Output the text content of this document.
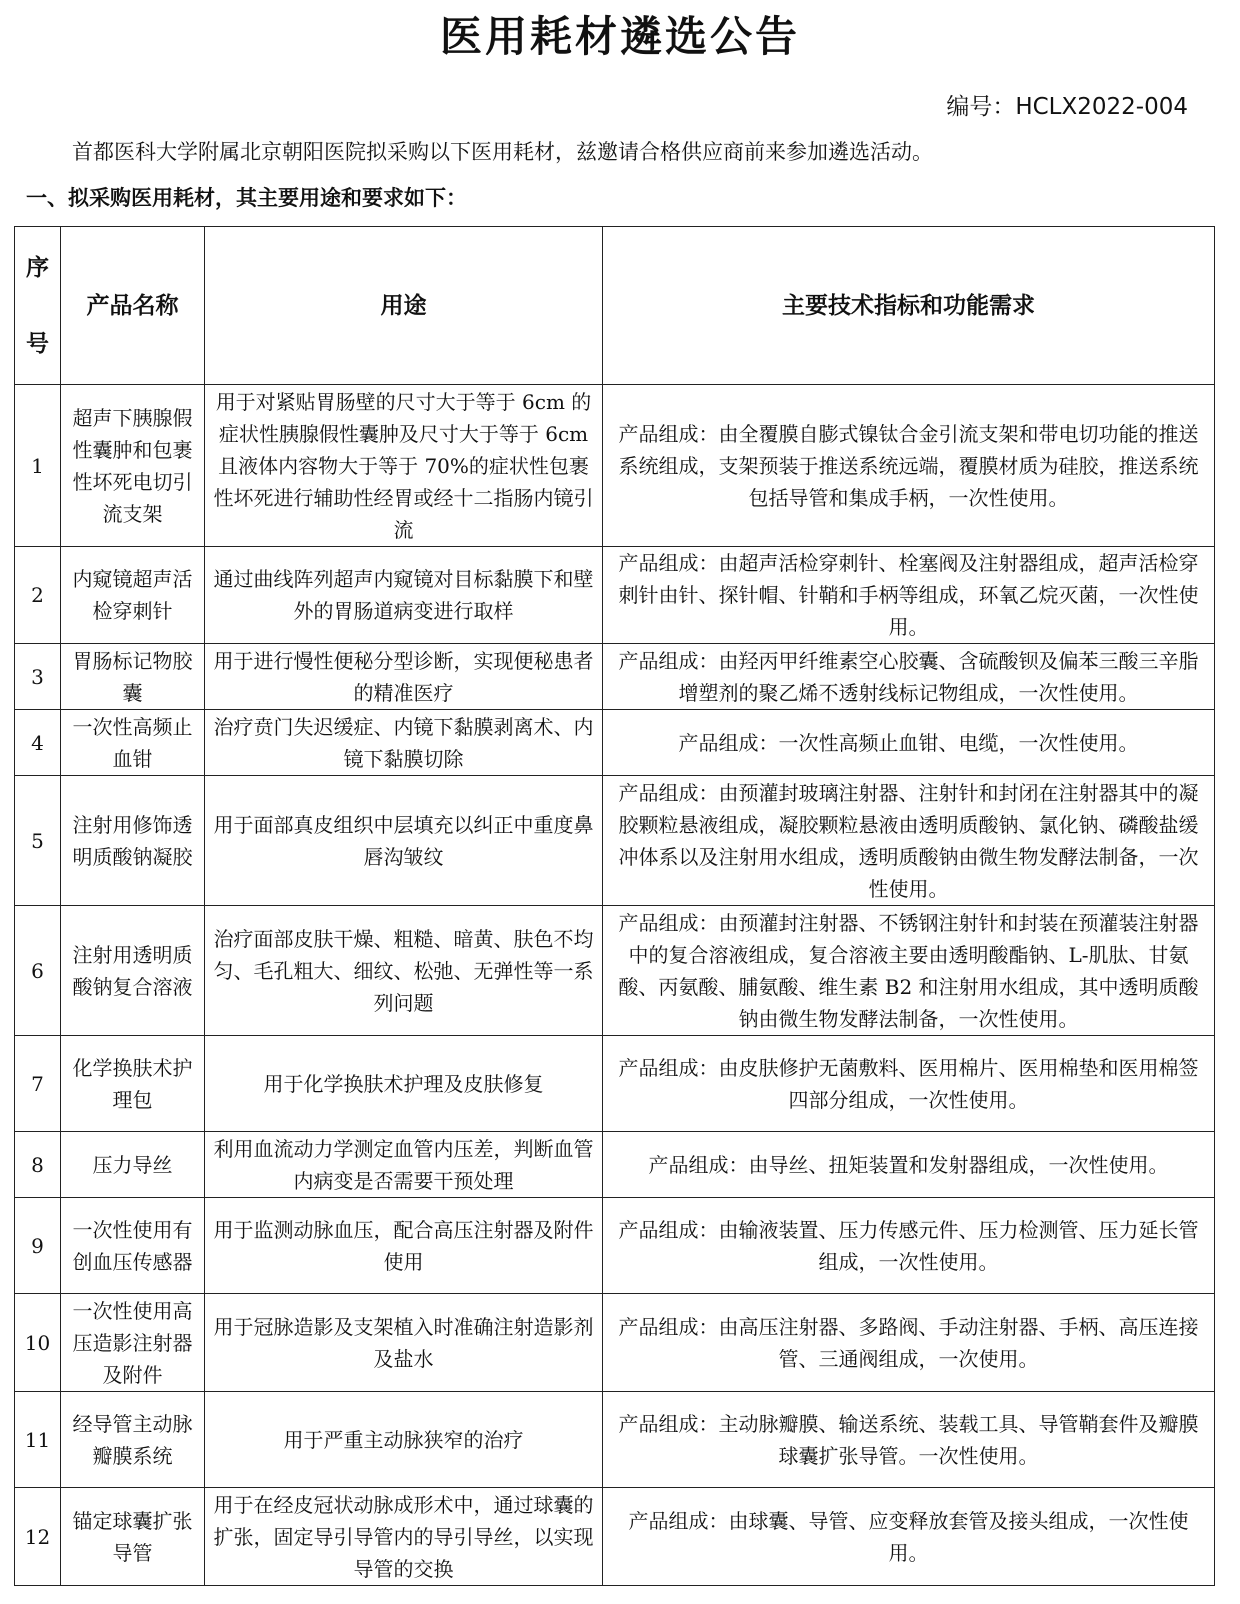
医用耗材遴选公告
编号：HCLX2022-004
首都医科大学附属北京朝阳医院拟采购以下医用耗材，兹邀请合格供应商前来参加遴选活动。
一、拟采购医用耗材，其主要用途和要求如下：
序
号	产品名称	用途	主要技术指标和功能需求
1	超声下胰腺假性囊肿和包裹性坏死电切引流支架	用于对紧贴胃肠壁的尺寸大于等于 6cm 的症状性胰腺假性囊肿及尺寸大于等于 6cm 且液体内容物大于等于 70%的症状性包裹性坏死进行辅助性经胃或经十二指肠内镜引流	产品组成：由全覆膜自膨式镍钛合金引流支架和带电切功能的推送系统组成，支架预装于推送系统远端，覆膜材质为硅胶，推送系统包括导管和集成手柄，一次性使用。
2	内窥镜超声活检穿刺针	通过曲线阵列超声内窥镜对目标黏膜下和壁外的胃肠道病变进行取样	产品组成：由超声活检穿刺针、栓塞阀及注射器组成，超声活检穿刺针由针、探针帽、针鞘和手柄等组成，环氧乙烷灭菌，一次性使用。
3	胃肠标记物胶囊	用于进行慢性便秘分型诊断，实现便秘患者的精准医疗	产品组成：由羟丙甲纤维素空心胶囊、含硫酸钡及偏苯三酸三辛脂增塑剂的聚乙烯不透射线标记物组成，一次性使用。
4	一次性高频止血钳	治疗贲门失迟缓症、内镜下黏膜剥离术、内镜下黏膜切除	产品组成：一次性高频止血钳、电缆，一次性使用。
5	注射用修饰透明质酸钠凝胶	用于面部真皮组织中层填充以纠正中重度鼻唇沟皱纹	产品组成：由预灌封玻璃注射器、注射针和封闭在注射器其中的凝胶颗粒悬液组成，凝胶颗粒悬液由透明质酸钠、氯化钠、磷酸盐缓冲体系以及注射用水组成，透明质酸钠由微生物发酵法制备，一次性使用。
6	注射用透明质酸钠复合溶液	治疗面部皮肤干燥、粗糙、暗黄、肤色不均匀、毛孔粗大、细纹、松弛、无弹性等一系列问题	产品组成：由预灌封注射器、不锈钢注射针和封装在预灌装注射器中的复合溶液组成，复合溶液主要由透明酸酯钠、L-肌肽、甘氨酸、丙氨酸、脯氨酸、维生素 B2 和注射用水组成，其中透明质酸钠由微生物发酵法制备，一次性使用。
7	化学换肤术护理包	用于化学换肤术护理及皮肤修复	产品组成：由皮肤修护无菌敷料、医用棉片、医用棉垫和医用棉签四部分组成，一次性使用。
8	压力导丝	利用血流动力学测定血管内压差，判断血管内病变是否需要干预处理	产品组成：由导丝、扭矩装置和发射器组成，一次性使用。
9	一次性使用有创血压传感器	用于监测动脉血压，配合高压注射器及附件使用	产品组成：由输液装置、压力传感元件、压力检测管、压力延长管组成，一次性使用。
10	一次性使用高压造影注射器及附件	用于冠脉造影及支架植入时准确注射造影剂及盐水	产品组成：由高压注射器、多路阀、手动注射器、手柄、高压连接管、三通阀组成，一次使用。
11	经导管主动脉瓣膜系统	用于严重主动脉狭窄的治疗	产品组成：主动脉瓣膜、输送系统、装载工具、导管鞘套件及瓣膜球囊扩张导管。一次性使用。
12	锚定球囊扩张导管	用于在经皮冠状动脉成形术中，通过球囊的扩张，固定导引导管内的导引导丝，以实现导管的交换	产品组成：由球囊、导管、应变释放套管及接头组成，一次性使用。
